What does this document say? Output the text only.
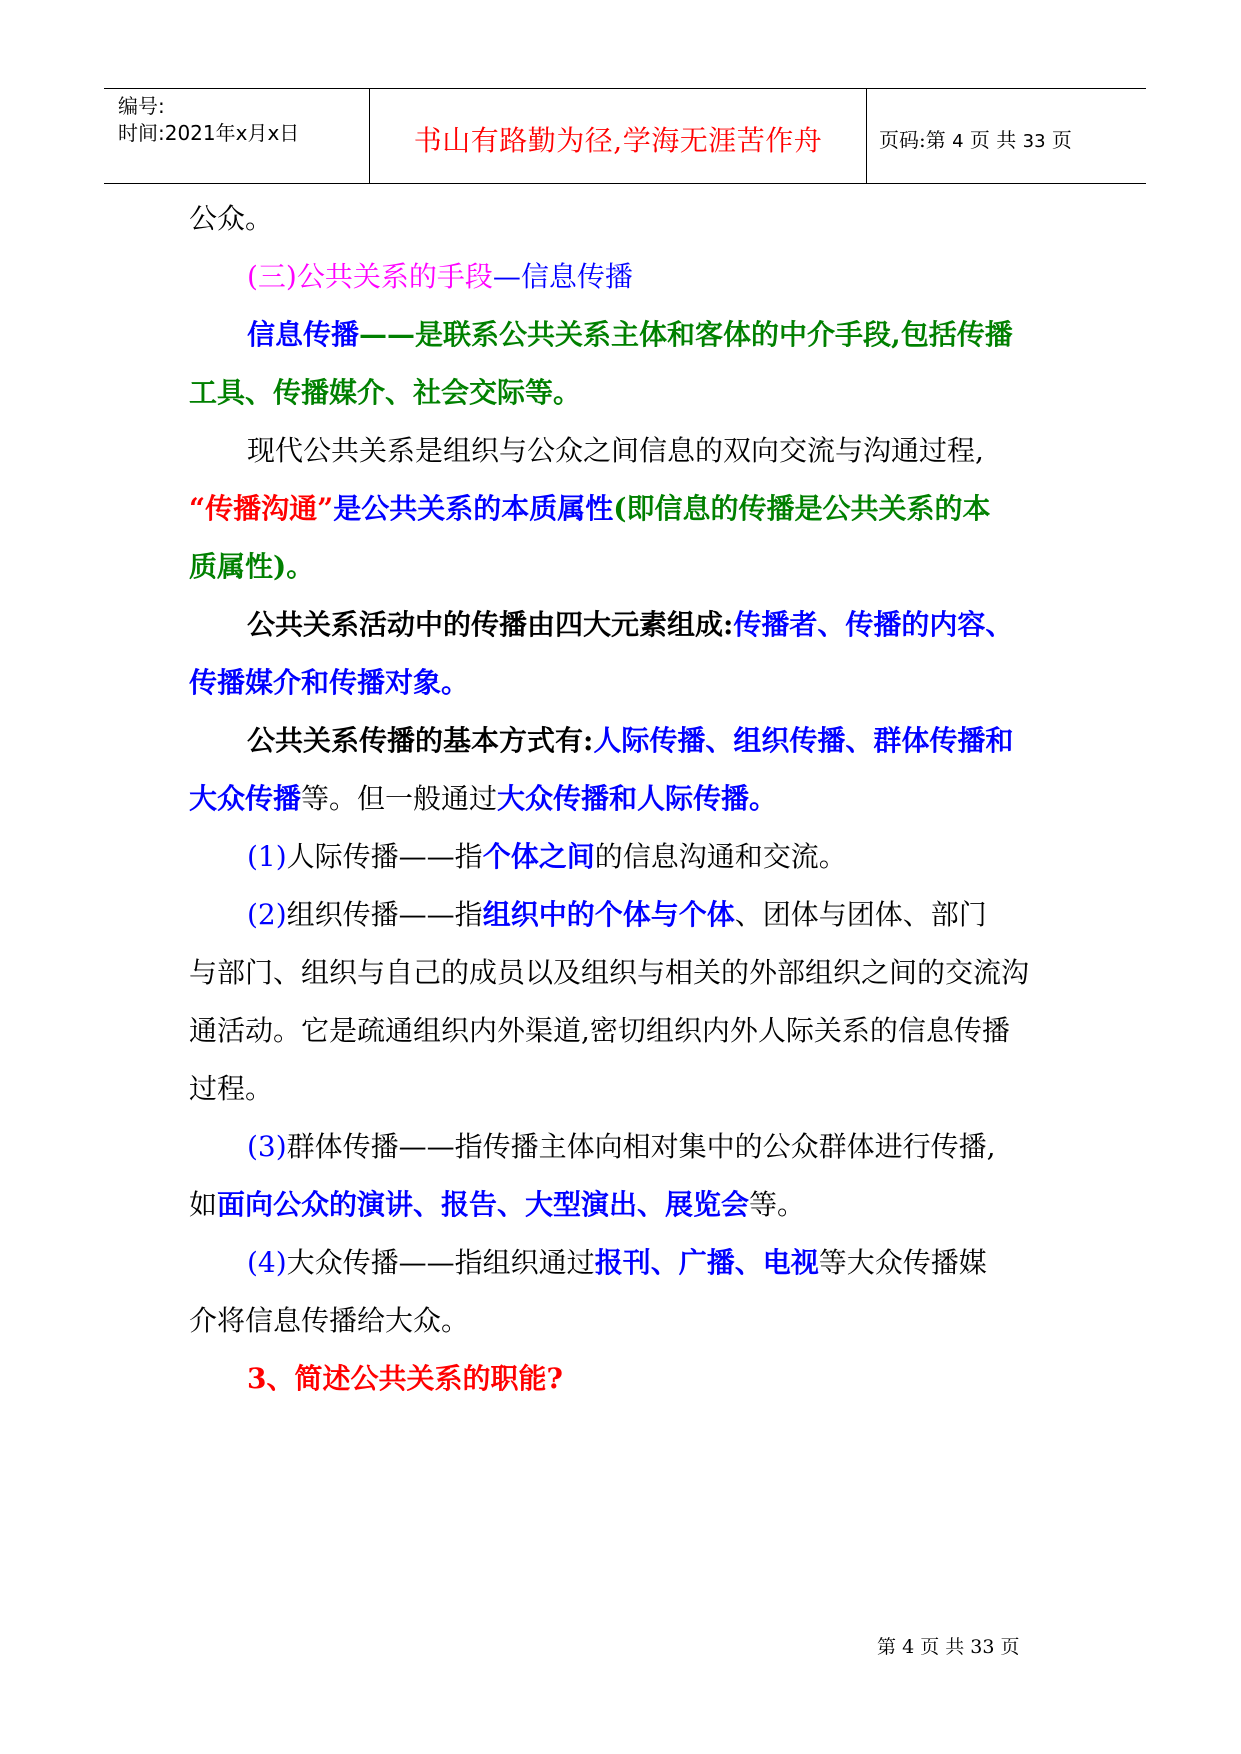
编号:
时间:2021年x月x日	书山有路勤为径,学海无涯苦作舟	页码:第 4 页 共 33 页
公众。
(三)公共关系的手段—信息传播
信息传播——是联系公共关系主体和客体的中介手段,包括传播
工具、传播媒介、社会交际等。
现代公共关系是组织与公众之间信息的双向交流与沟通过程,
“传播沟通”是公共关系的本质属性(即信息的传播是公共关系的本
质属性)。
公共关系活动中的传播由四大元素组成:传播者、传播的内容、
传播媒介和传播对象。
公共关系传播的基本方式有:人际传播、组织传播、群体传播和
大众传播等。但一般通过大众传播和人际传播。
(1)人际传播——指个体之间的信息沟通和交流。
(2)组织传播——指组织中的个体与个体、团体与团体、部门
与部门、组织与自己的成员以及组织与相关的外部组织之间的交流沟
通活动。它是疏通组织内外渠道,密切组织内外人际关系的信息传播
过程。
(3)群体传播——指传播主体向相对集中的公众群体进行传播,
如面向公众的演讲、报告、大型演出、展览会等。
(4)大众传播——指组织通过报刊、广播、电视等大众传播媒
介将信息传播给大众。
3、简述公共关系的职能?
第 4 页 共 33 页
